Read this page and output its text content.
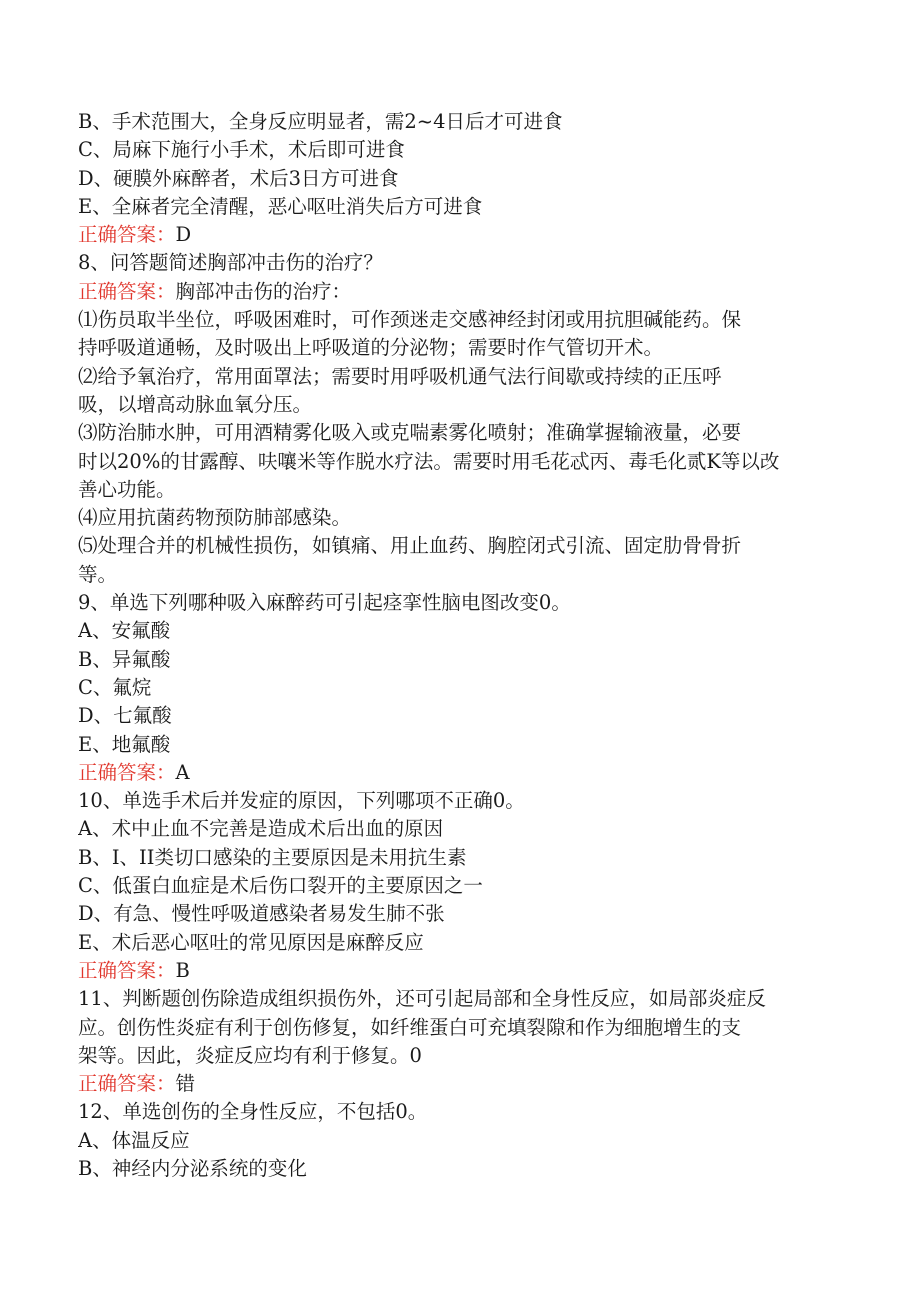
B、手术范围大，全身反应明显者，需2~4日后才可进食
C、局麻下施行小手术，术后即可进食
D、硬膜外麻醉者，术后3日方可进食
E、全麻者完全清醒，恶心呕吐消失后方可进食
正确答案：D
8、问答题简述胸部冲击伤的治疗？
正确答案：胸部冲击伤的治疗：
⑴伤员取半坐位，呼吸困难时，可作颈迷走交感神经封闭或用抗胆碱能药。保
持呼吸道通畅，及时吸出上呼吸道的分泌物；需要时作气管切开术。
⑵给予氧治疗，常用面罩法；需要时用呼吸机通气法行间歇或持续的正压呼
吸，以增高动脉血氧分压。
⑶防治肺水肿，可用酒精雾化吸入或克喘素雾化喷射；准确掌握输液量，必要
时以20%的甘露醇、呋嚷米等作脱水疗法。需要时用毛花忒丙、毒毛化贰K等以改
善心功能。
⑷应用抗菌药物预防肺部感染。
⑸处理合并的机械性损伤，如镇痛、用止血药、胸腔闭式引流、固定肋骨骨折
等。
9、单选下列哪种吸入麻醉药可引起痉挛性脑电图改变0。
A、安氟酸
B、异氟酸
C、氟烷
D、七氟酸
E、地氟酸
正确答案：A
10、单选手术后并发症的原因，下列哪项不正确0。
A、术中止血不完善是造成术后出血的原因
B、I、II类切口感染的主要原因是未用抗生素
C、低蛋白血症是术后伤口裂开的主要原因之一
D、有急、慢性呼吸道感染者易发生肺不张
E、术后恶心呕吐的常见原因是麻醉反应
正确答案：B
11、判断题创伤除造成组织损伤外，还可引起局部和全身性反应，如局部炎症反
应。创伤性炎症有利于创伤修复，如纤维蛋白可充填裂隙和作为细胞增生的支
架等。因此，炎症反应均有利于修复。0
正确答案：错
12、单选创伤的全身性反应，不包括0。
A、体温反应
B、神经内分泌系统的变化
